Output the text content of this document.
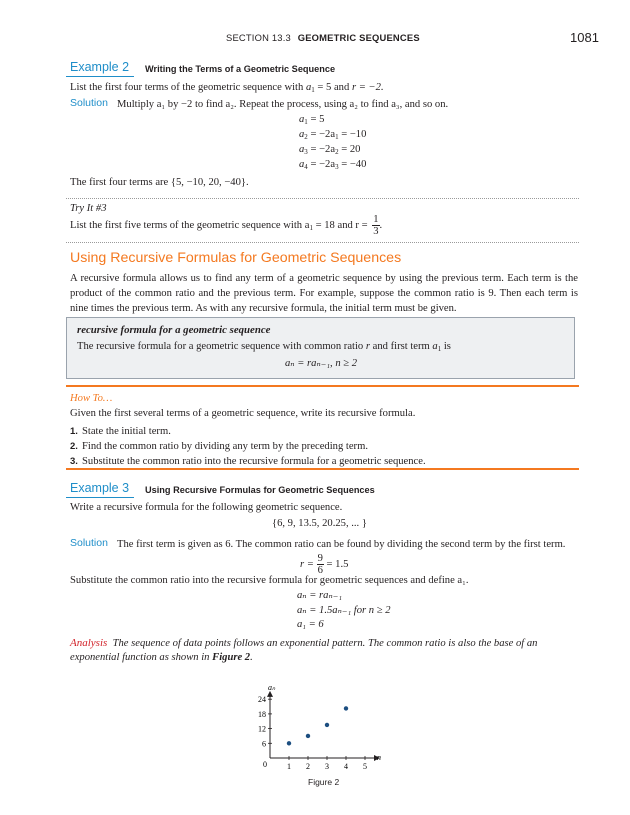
SECTION 13.3 GEOMETRIC SEQUENCES	1081
Example 2 Writing the Terms of a Geometric Sequence
List the first four terms of the geometric sequence with $a_1 = 5$ and r = −2.
Solution Multiply a₁ by −2 to find a₂. Repeat the process, using a₂ to find a₃, and so on.
$a_1 = 5$
$a_2 = -2a_1 = -10$
$a_3 = -2a_2 = 20$
$a_4 = -2a_3 = -40$
The first four terms are {5, −10, 20, −40}.
Try It #3
List the first five terms of the geometric sequence with $a_1 = 18$ and $r = \frac{1}{3}$ .
Using Recursive Formulas for Geometric Sequences
A recursive formula allows us to find any term of a geometric sequence by using the previous term. Each term is the product of the common ratio and the previous term. For example, suppose the common ratio is 9. Then each term is nine times the previous term. As with any recursive formula, the initial term must be given.
recursive formula for a geometric sequence
The recursive formula for a geometric sequence with common ratio r and first term $a_1$ is
aₙ = raₙ₋₁, n ≥ 2
How To…
Given the first several terms of a geometric sequence, write its recursive formula.
1. State the initial term.
2. Find the common ratio by dividing any term by the preceding term.
3. Substitute the common ratio into the recursive formula for a geometric sequence.
Example 3 Using Recursive Formulas for Geometric Sequences
Write a recursive formula for the following geometric sequence.
{6, 9, 13.5, 20.25, ... }
Solution The first term is given as 6. The common ratio can be found by dividing the second term by the first term.
$r = \frac{9}{6} = 1.5$
Substitute the common ratio into the recursive formula for geometric sequences and define a₁.
aₙ = raₙ₋₁
aₙ = 1.5aₙ₋₁ for n ≥ 2
a₁ = 6
Analysis The sequence of data points follows an exponential pattern. The common ratio is also the base of an exponential function as shown in Figure 2.
n
aₙ
0	1 2 3 4 5
6
12
18
24
Figure 2
